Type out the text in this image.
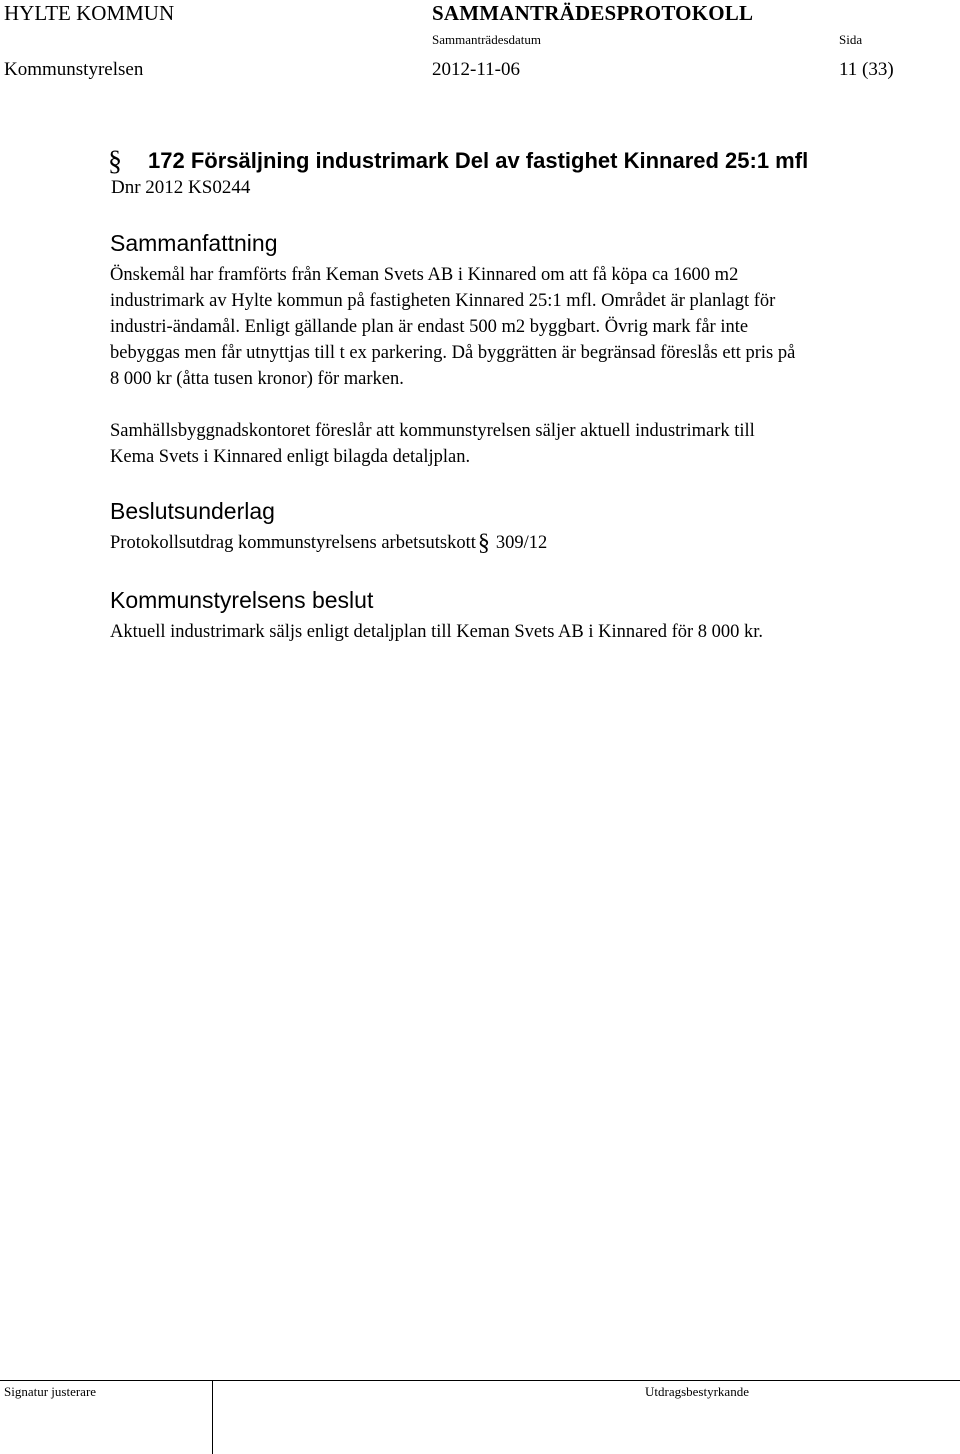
HYLTE KOMMUN	SAMMANTRÄDESPROTOKOLL
Sammanträdesdatum	Sida
Kommunstyrelsen	2012-11-06	11 (33)
§ 172 Försäljning industrimark Del av fastighet Kinnared 25:1 mfl
Dnr 2012 KS0244
Sammanfattning
Önskemål har framförts från Keman Svets AB i Kinnared om att få köpa ca 1600 m2
industrimark av Hylte kommun på fastigheten Kinnared 25:1 mfl. Området är planlagt för
industri-ändamål. Enligt gällande plan är endast 500 m2 byggbart. Övrig mark får inte
bebyggas men får utnyttjas till t ex parkering. Då byggrätten är begränsad föreslås ett pris på
8 000 kr (åtta tusen kronor) för marken.
Samhällsbyggnadskontoret föreslår att kommunstyrelsen säljer aktuell industrimark till
Kema Svets i Kinnared enligt bilagda detaljplan.
Beslutsunderlag
Protokollsutdrag kommunstyrelsens arbetsutskott§ 309/12
Kommunstyrelsens beslut
Aktuell industrimark säljs enligt detaljplan till Keman Svets AB i Kinnared för 8 000 kr.
Signatur justerare	Utdragsbestyrkande
